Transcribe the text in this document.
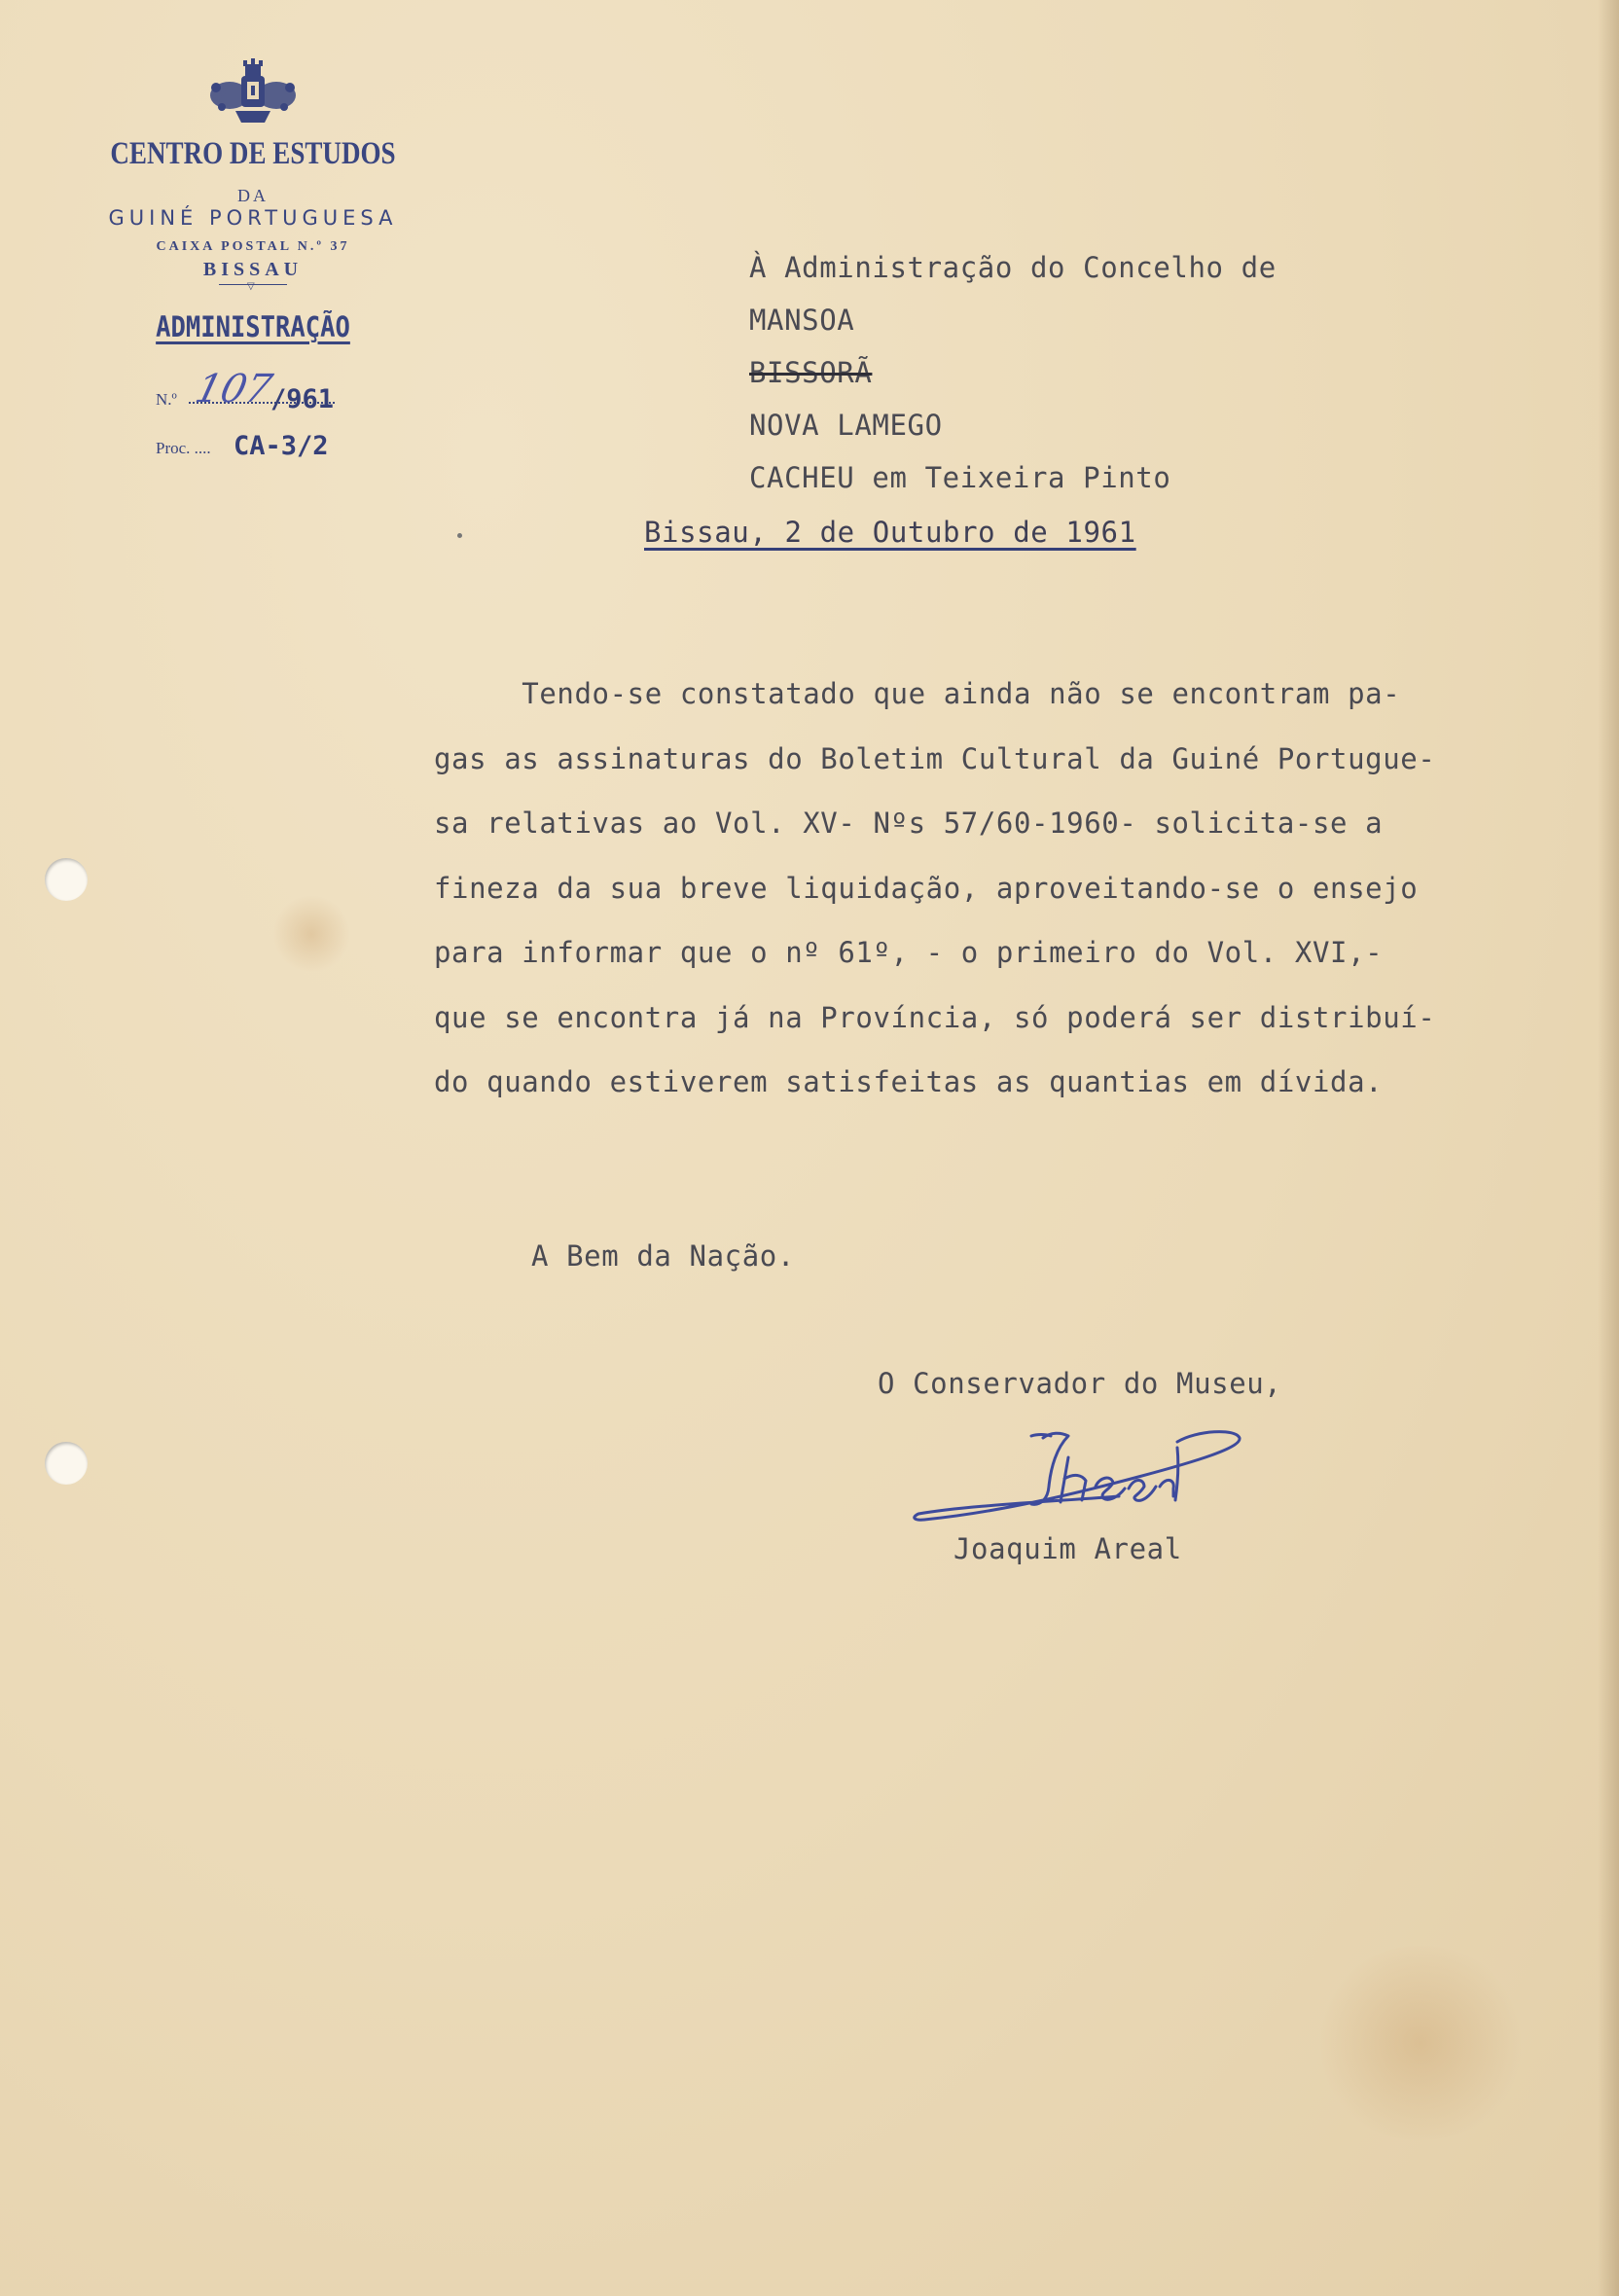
CENTRO DE ESTUDOS
DA
GUINÉ PORTUGUESA
CAIXA POSTAL N.º 37
BISSAU
▽
ADMINISTRAÇÃO
N.º 107
/961
Proc. .... CA-3/2
À Administração do Concelho de
MANSOA
BISSORÃ
NOVA LAMEGO
CACHEU em Teixeira Pinto
Bissau, 2 de Outubro de 1961
Tendo-se constatado que ainda não se encontram pa-
gas as assinaturas do Boletim Cultural da Guiné Portugue-
sa relativas ao Vol. XV- Nºs 57/60-1960- solicita-se a
fineza da sua breve liquidação, aproveitando-se o ensejo
para informar que o nº 61º, - o primeiro do Vol. XVI,-
que se encontra já na Província, só poderá ser distribuí-
do quando estiverem satisfeitas as quantias em dívida.
A Bem da Nação.
O Conservador do Museu,
Joaquim Areal
